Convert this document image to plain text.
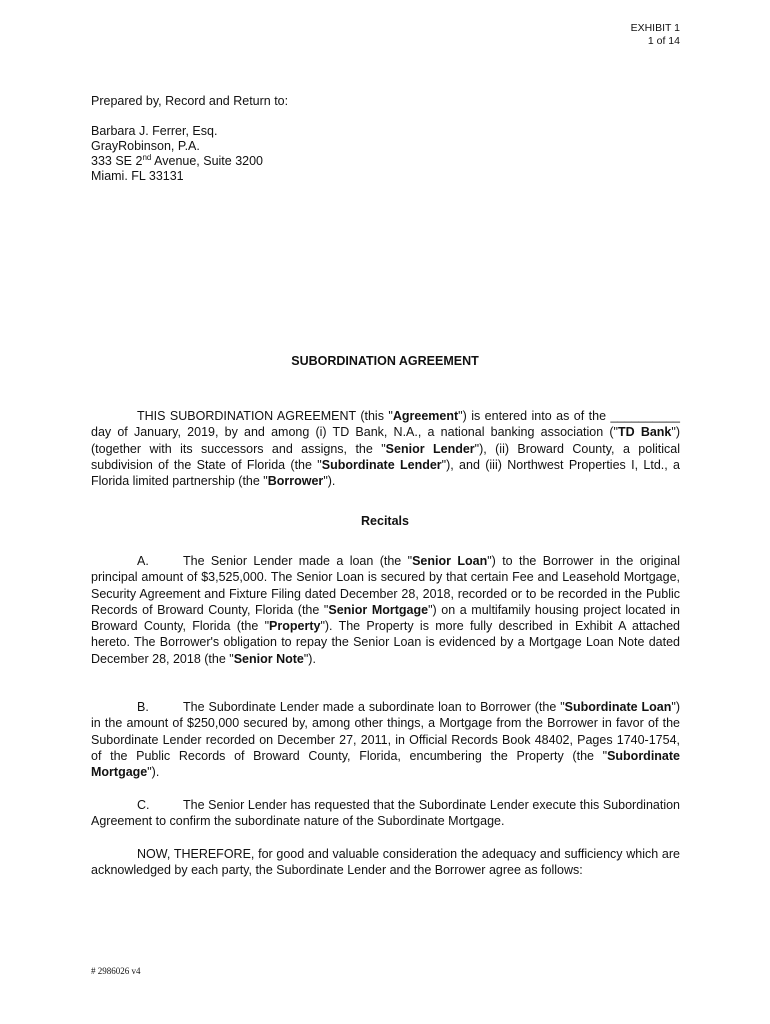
EXHIBIT 1
1 of 14
Prepared by, Record and Return to:
Barbara J. Ferrer, Esq.
GrayRobinson, P.A.
333 SE 2nd Avenue, Suite 3200
Miami. FL 33131
SUBORDINATION AGREEMENT
THIS SUBORDINATION AGREEMENT (this "Agreement") is entered into as of the __________ day of January, 2019, by and among (i) TD Bank, N.A., a national banking association ("TD Bank") (together with its successors and assigns, the "Senior Lender"), (ii) Broward County, a political subdivision of the State of Florida (the "Subordinate Lender"), and (iii) Northwest Properties I, Ltd., a Florida limited partnership (the "Borrower").
Recitals
A.	The Senior Lender made a loan (the "Senior Loan") to the Borrower in the original principal amount of $3,525,000. The Senior Loan is secured by that certain Fee and Leasehold Mortgage, Security Agreement and Fixture Filing dated December 28, 2018, recorded or to be recorded in the Public Records of Broward County, Florida (the "Senior Mortgage") on a multifamily housing project located in Broward County, Florida (the "Property"). The Property is more fully described in Exhibit A attached hereto. The Borrower's obligation to repay the Senior Loan is evidenced by a Mortgage Loan Note dated December 28, 2018 (the "Senior Note").
B.	The Subordinate Lender made a subordinate loan to Borrower (the "Subordinate Loan") in the amount of $250,000 secured by, among other things, a Mortgage from the Borrower in favor of the Subordinate Lender recorded on December 27, 2011, in Official Records Book 48402, Pages 1740-1754, of the Public Records of Broward County, Florida, encumbering the Property (the "Subordinate Mortgage").
C.	The Senior Lender has requested that the Subordinate Lender execute this Subordination Agreement to confirm the subordinate nature of the Subordinate Mortgage.
NOW, THEREFORE, for good and valuable consideration the adequacy and sufficiency which are acknowledged by each party, the Subordinate Lender and the Borrower agree as follows:
# 2986026 v4
